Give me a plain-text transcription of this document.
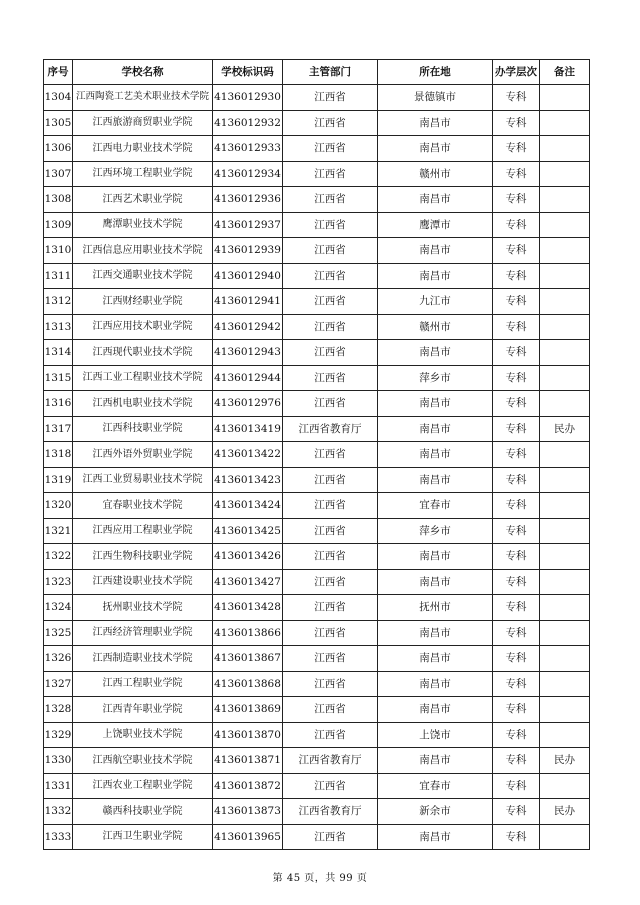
序号	学校名称	学校标识码	主管部门	所在地	办学层次	备注
1304	江西陶瓷工艺美术职业技术学院	4136012930	江西省	景德镇市	专科	
1305	江西旅游商贸职业学院	4136012932	江西省	南昌市	专科	
1306	江西电力职业技术学院	4136012933	江西省	南昌市	专科	
1307	江西环境工程职业学院	4136012934	江西省	赣州市	专科	
1308	江西艺术职业学院	4136012936	江西省	南昌市	专科	
1309	鹰潭职业技术学院	4136012937	江西省	鹰潭市	专科	
1310	江西信息应用职业技术学院	4136012939	江西省	南昌市	专科	
1311	江西交通职业技术学院	4136012940	江西省	南昌市	专科	
1312	江西财经职业学院	4136012941	江西省	九江市	专科	
1313	江西应用技术职业学院	4136012942	江西省	赣州市	专科	
1314	江西现代职业技术学院	4136012943	江西省	南昌市	专科	
1315	江西工业工程职业技术学院	4136012944	江西省	萍乡市	专科	
1316	江西机电职业技术学院	4136012976	江西省	南昌市	专科	
1317	江西科技职业学院	4136013419	江西省教育厅	南昌市	专科	民办
1318	江西外语外贸职业学院	4136013422	江西省	南昌市	专科	
1319	江西工业贸易职业技术学院	4136013423	江西省	南昌市	专科	
1320	宜春职业技术学院	4136013424	江西省	宜春市	专科	
1321	江西应用工程职业学院	4136013425	江西省	萍乡市	专科	
1322	江西生物科技职业学院	4136013426	江西省	南昌市	专科	
1323	江西建设职业技术学院	4136013427	江西省	南昌市	专科	
1324	抚州职业技术学院	4136013428	江西省	抚州市	专科	
1325	江西经济管理职业学院	4136013866	江西省	南昌市	专科	
1326	江西制造职业技术学院	4136013867	江西省	南昌市	专科	
1327	江西工程职业学院	4136013868	江西省	南昌市	专科	
1328	江西青年职业学院	4136013869	江西省	南昌市	专科	
1329	上饶职业技术学院	4136013870	江西省	上饶市	专科	
1330	江西航空职业技术学院	4136013871	江西省教育厅	南昌市	专科	民办
1331	江西农业工程职业学院	4136013872	江西省	宜春市	专科	
1332	赣西科技职业学院	4136013873	江西省教育厅	新余市	专科	民办
1333	江西卫生职业学院	4136013965	江西省	南昌市	专科	
第 45 页，共 99 页
